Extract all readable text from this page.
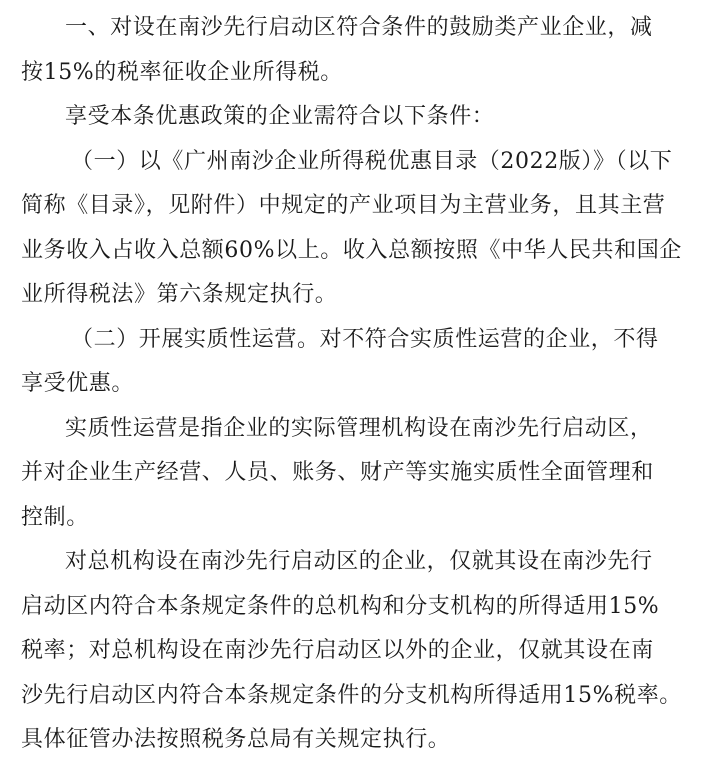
一、对设在南沙先行启动区符合条件的鼓励类产业企业，减
按15%的税率征收企业所得税。
享受本条优惠政策的企业需符合以下条件：
（一）以《广州南沙企业所得税优惠目录（2022版）》（以下
简称《目录》，见附件）中规定的产业项目为主营业务，且其主营
业务收入占收入总额60%以上。收入总额按照《中华人民共和国企
业所得税法》第六条规定执行。
（二）开展实质性运营。对不符合实质性运营的企业，不得
享受优惠。
实质性运营是指企业的实际管理机构设在南沙先行启动区，
并对企业生产经营、人员、账务、财产等实施实质性全面管理和
控制。
对总机构设在南沙先行启动区的企业，仅就其设在南沙先行
启动区内符合本条规定条件的总机构和分支机构的所得适用15%
税率；对总机构设在南沙先行启动区以外的企业，仅就其设在南
沙先行启动区内符合本条规定条件的分支机构所得适用15%税率。
具体征管办法按照税务总局有关规定执行。
